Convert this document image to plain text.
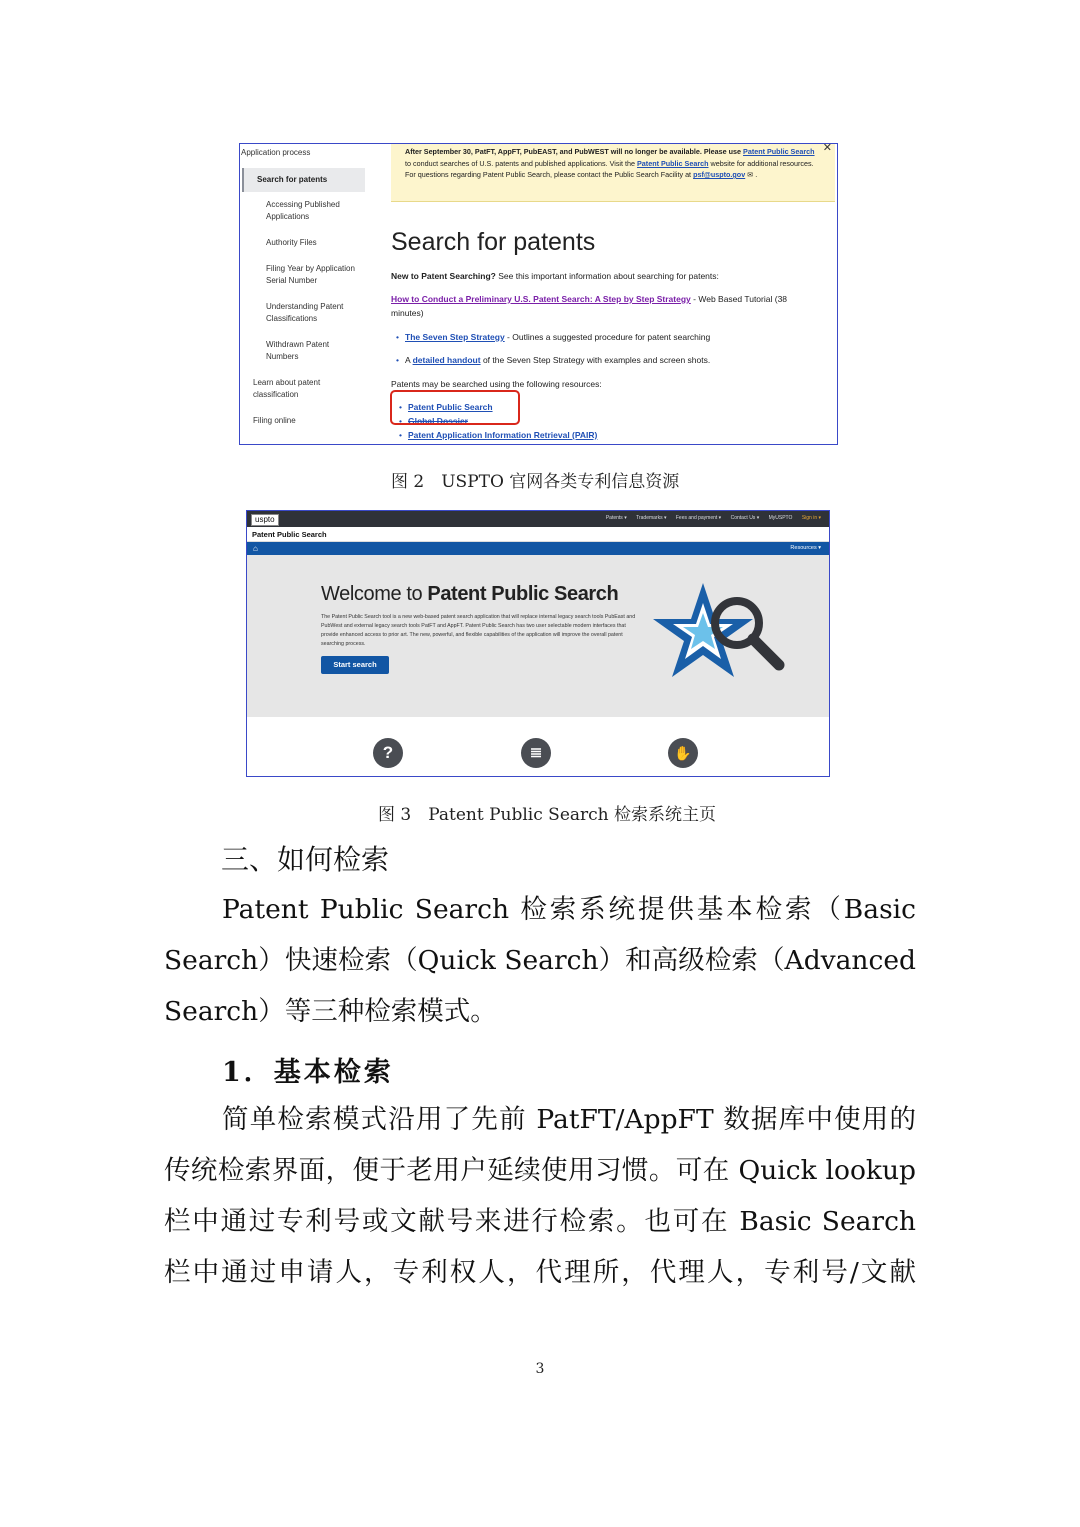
Application process
Search for patents
Accessing Published
Applications
Authority Files
Filing Year by Application
Serial Number
Understanding Patent
Classifications
Withdrawn Patent
Numbers
Learn about patent
classification
Filing online
After September 30, PatFT, AppFT, PubEAST, and PubWEST will no longer be available. Please use Patent Public Search to conduct searches of U.S. patents and published applications. Visit the Patent Public Search website for additional resources. For questions regarding Patent Public Search, please contact the Public Search Facility at psf@uspto.gov ✉ .
✕
Search for patents
New to Patent Searching? See this important information about searching for patents:
How to Conduct a Preliminary U.S. Patent Search: A Step by Step Strategy - Web Based Tutorial (38
minutes)
• The Seven Step Strategy - Outlines a suggested procedure for patent searching
• A detailed handout of the Seven Step Strategy with examples and screen shots.
Patents may be searched using the following resources:
• Patent Public Search
• Global Dossier
• Patent Application Information Retrieval (PAIR)
图 2　USPTO 官网各类专利信息资源
uspto	Patents ▾ Trademarks ▾ Fees and payment ▾ Contact Us ▾ MyUSPTO Sign in ▾
Patent Public Search
⌂	Resources ▾
Welcome to Patent Public Search
The Patent Public Search tool is a new web-based patent search application that will replace internal legacy search tools PubEast and PubWest and external legacy search tools PatFT and AppFT. Patent Public Search has two user selectable modern interfaces that provide enhanced access to prior art. The new, powerful, and flexible capabilities of the application will improve the overall patent searching process.
Start search
?	≣	✋
图 3　Patent Public Search 检索系统主页
三、如何检索
Patent Public Search 检索系统提供基本检索（Basic
Search）快速检索（Quick Search）和高级检索（Advanced
Search）等三种检索模式。
1．基本检索
简单检索模式沿用了先前 PatFT/AppFT 数据库中使用的
传统检索界面，便于老用户延续使用习惯。可在 Quick lookup
栏中通过专利号或文献号来进行检索。也可在 Basic Search
栏中通过申请人，专利权人，代理所，代理人，专利号/文献
3
